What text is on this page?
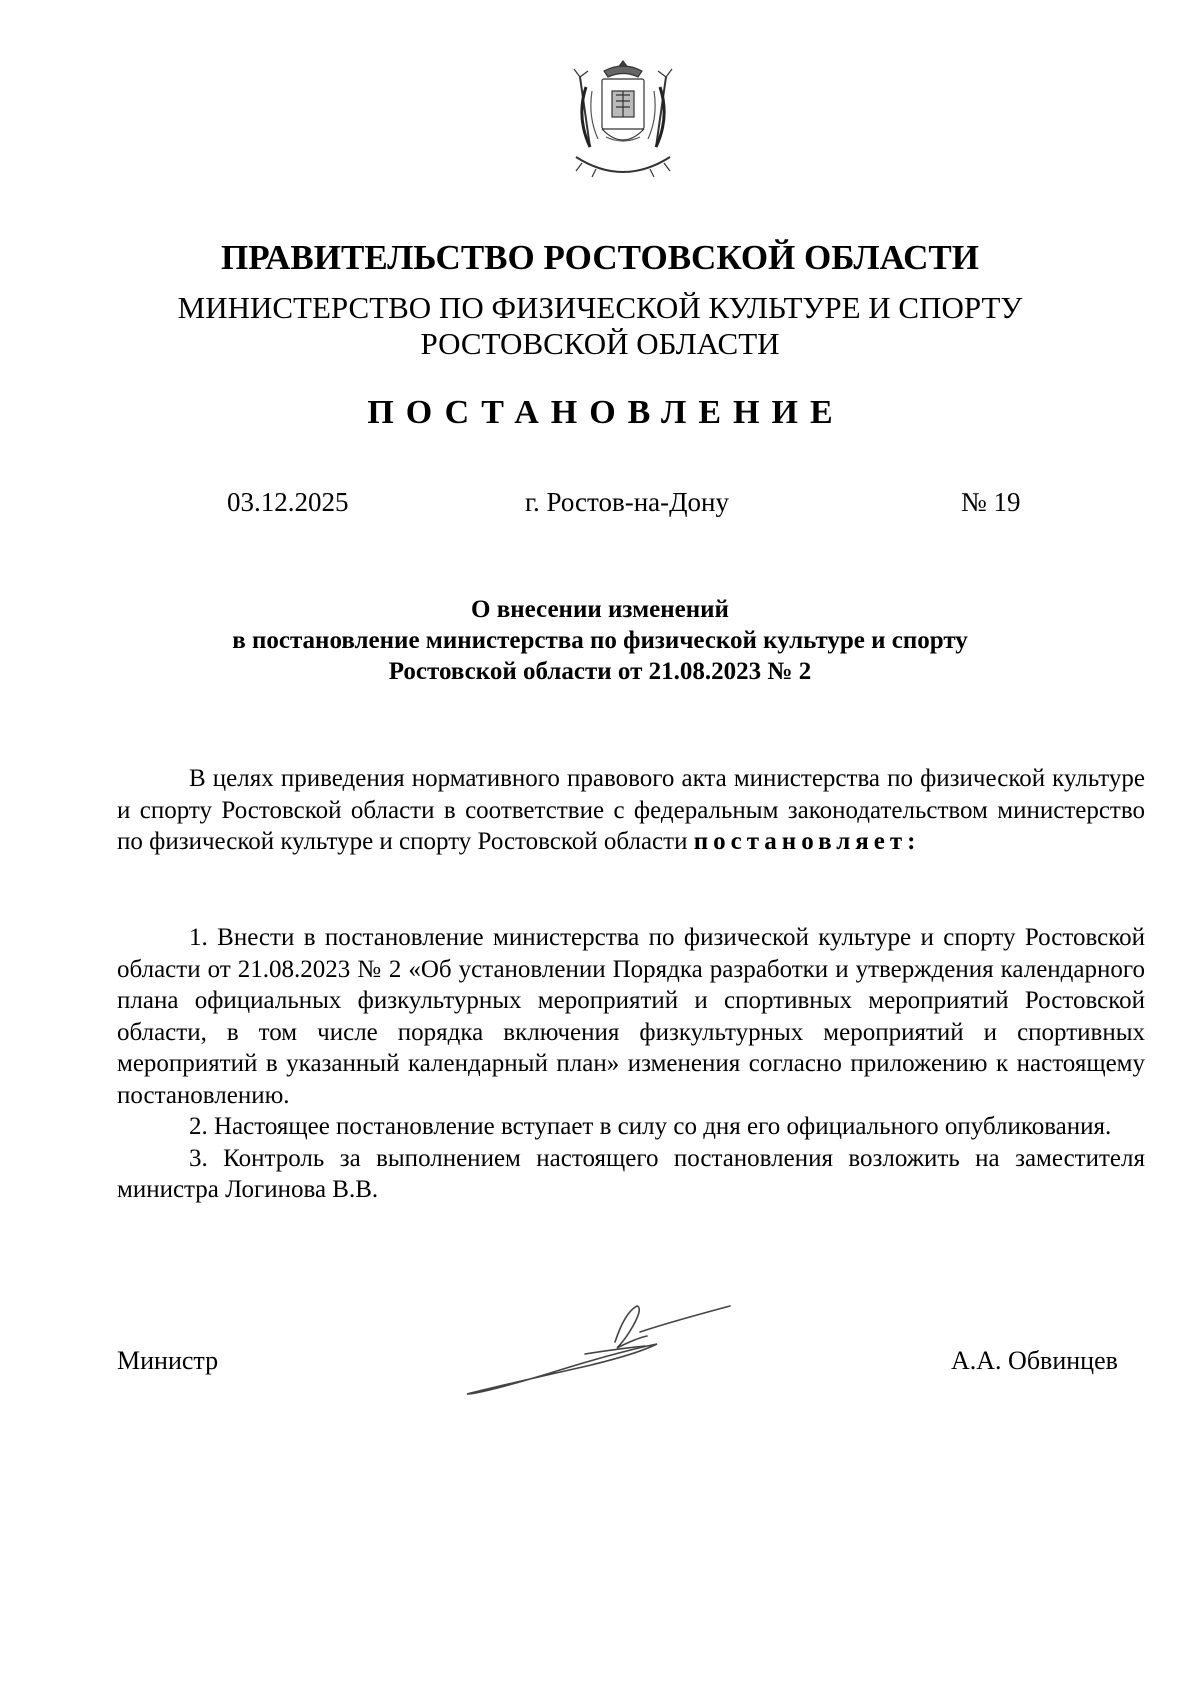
ПРАВИТЕЛЬСТВО РОСТОВСКОЙ ОБЛАСТИ
МИНИСТЕРСТВО ПО ФИЗИЧЕСКОЙ КУЛЬТУРЕ И СПОРТУ
РОСТОВСКОЙ ОБЛАСТИ
ПОСТАНОВЛЕНИЕ
03.12.2025	г. Ростов-на-Дону	№ 19
О внесении изменений
в постановление министерства по физической культуре и спорту
Ростовской области от 21.08.2023 № 2

В целях приведения нормативного правового акта министерства по физической культуре и спорту Ростовской области в соответствие с федеральным законодательством министерство по физической культуре и спорту Ростовской области постановляет:

1. Внести в постановление министерства по физической культуре и спорту Ростовской области от 21.08.2023 № 2 «Об установлении Порядка разработки и утверждения календарного плана официальных физкультурных мероприятий и спортивных мероприятий Ростовской области, в том числе порядка включения физкультурных мероприятий и спортивных мероприятий в указанный календарный план» изменения согласно приложению к настоящему постановлению.

2. Настоящее постановление вступает в силу со дня его официального опубликования.

3. Контроль за выполнением настоящего постановления возложить на заместителя министра Логинова В.В.

Министр	А.А. Обвинцев
